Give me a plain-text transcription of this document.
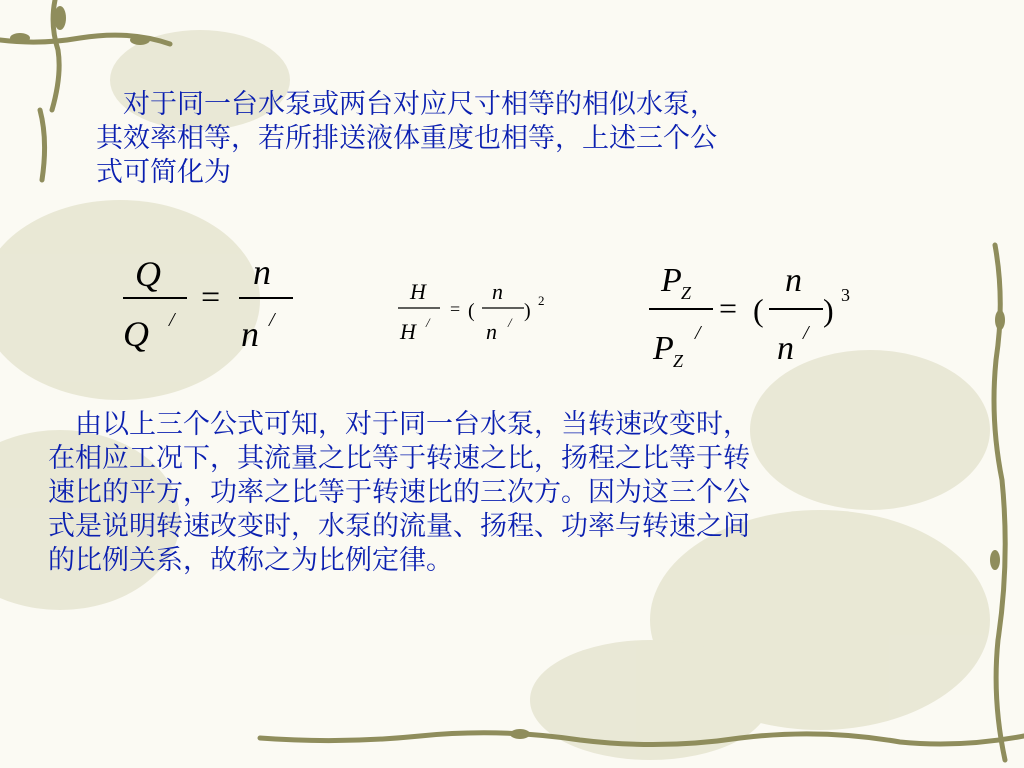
　对于同一台水泵或两台对应尺寸相等的相似水泵，
其效率相等，若所排送液体重度也相等，上述三个公
式可简化为
Q
Q /
=
n
n /
H
H /
= (
n
n /
) 2
P Z
P Z
/
= (
n
n /
) 3
　由以上三个公式可知，对于同一台水泵，当转速改变时，
在相应工况下，其流量之比等于转速之比，扬程之比等于转
速比的平方，功率之比等于转速比的三次方。因为这三个公
式是说明转速改变时，水泵的流量、扬程、功率与转速之间
的比例关系，故称之为比例定律。
